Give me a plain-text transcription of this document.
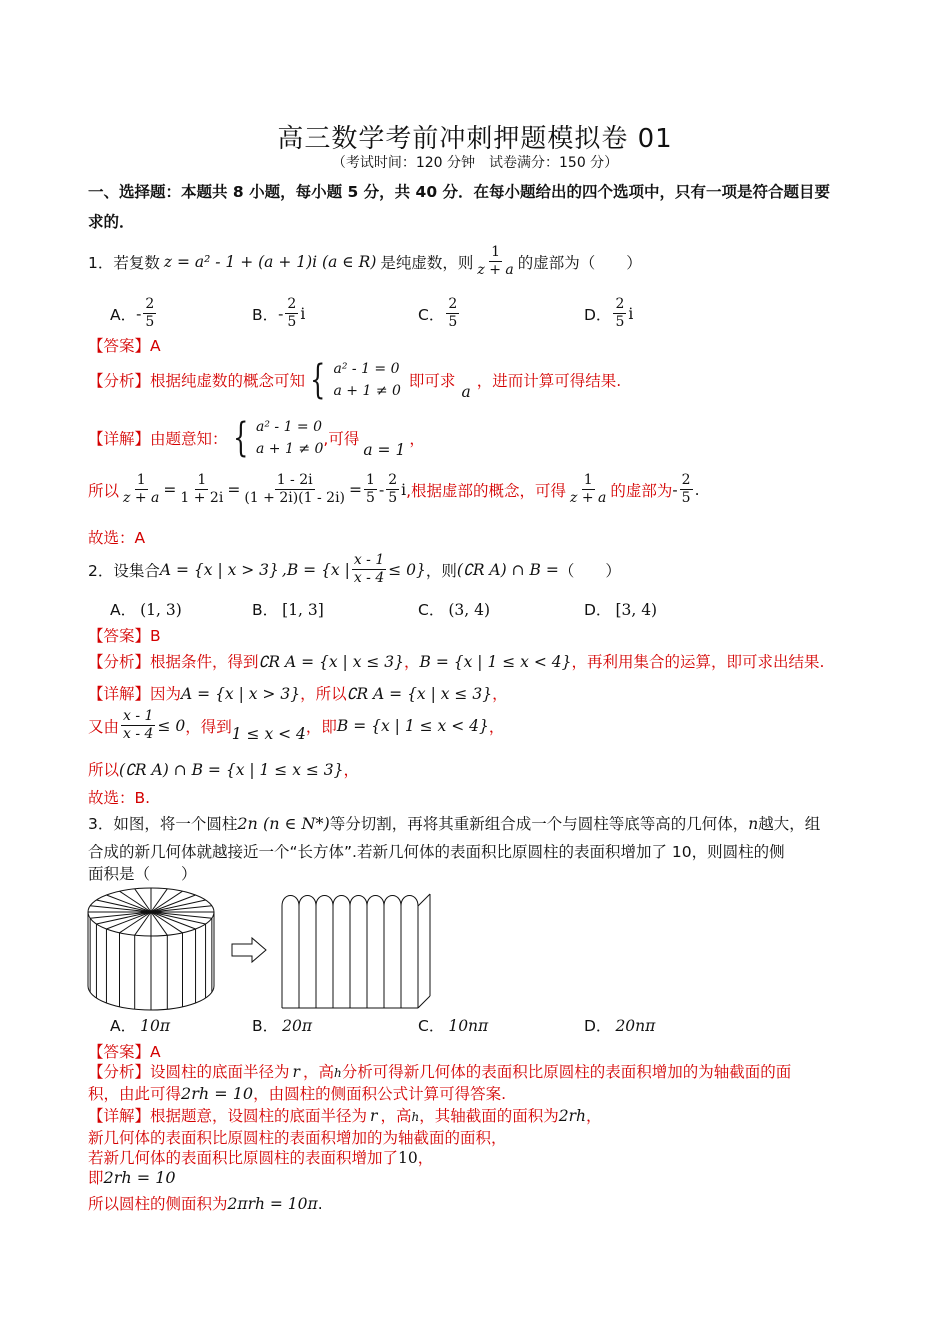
高三数学考前冲刺押题模拟卷 01
（考试时间：120 分钟　试卷满分：150 分）
一、选择题：本题共 8 小题，每小题 5 分，共 40 分．在每小题给出的四个选项中，只有一项是符合题目要
求的．
1．若复数 z = a² - 1 + (a + 1)i (a ∈ R) 是纯虚数，则 $\frac{1}{z + a}$ 的虚部为（　　）
A． - $\frac{2}{5}$	B． - $\frac{2}{5}$ i	C． $\frac{2}{5}$	D． $\frac{2}{5}$ i
【答案】A
【分析】 根据纯虚数的概念可知 { a² - 1 = 0
a + 1 ≠ 0
即可求
a
，进而计算可得结果.
【详解】 由题意知： { a² - 1 = 0
a + 1 ≠ 0
,可得
a = 1
，
所以 $\frac{1}{z + a} = \frac{1}{1 + 2i} = \frac{1 - 2i}{(1 + 2i)(1 - 2i)} = \frac{1}{5} - \frac{2}{5}$ i ,根据虚部的概念，可得 $\frac{1}{z + a}$ 的虚部为 - $\frac{2}{5}$ .
故选：A
2．设集合 A = {x | x > 3} ,B = {x | $\frac{x - 1}{x - 4} \le 0$} ，则 (∁R A) ∩ B = （　　）
A． (1, 3)	B． [1, 3]	C． (3, 4)	D． [3, 4)
【答案】B
【分析】根据条件，得到∁R A = {x | x ≤ 3}，B = {x | 1 ≤ x < 4}，再利用集合的运算，即可求出结果.
【详解】因为A = {x | x > 3}，所以∁R A = {x | x ≤ 3}，
又由 $\frac{x - 1}{x - 4} \le 0$ ，得到 1 ≤ x < 4 ，即 B = {x | 1 ≤ x < 4} ，
所以(∁R A) ∩ B = {x | 1 ≤ x ≤ 3}，
故选：B.
3．如图，将一个圆柱2n (n ∈ N*)等分切割，再将其重新组合成一个与圆柱等底等高的几何体，n越大，组
合成的新几何体就越接近一个“长方体”.若新几何体的表面积比原圆柱的表面积增加了 10，则圆柱的侧
面积是（　　）
A． 10π	B． 20π	C． 10nπ	D． 20nπ
【答案】A
【分析】设圆柱的底面半径为 r ，高h分析可得新几何体的表面积比原圆柱的表面积增加的为轴截面的面
积，由此可得2rh = 10，由圆柱的侧面积公式计算可得答案.
【详解】根据题意，设圆柱的底面半径为 r ，高h，其轴截面的面积为2rh，
新几何体的表面积比原圆柱的表面积增加的为轴截面的面积，
若新几何体的表面积比原圆柱的表面积增加了10，
即2rh = 10
所以圆柱的侧面积为2πrh = 10π.
